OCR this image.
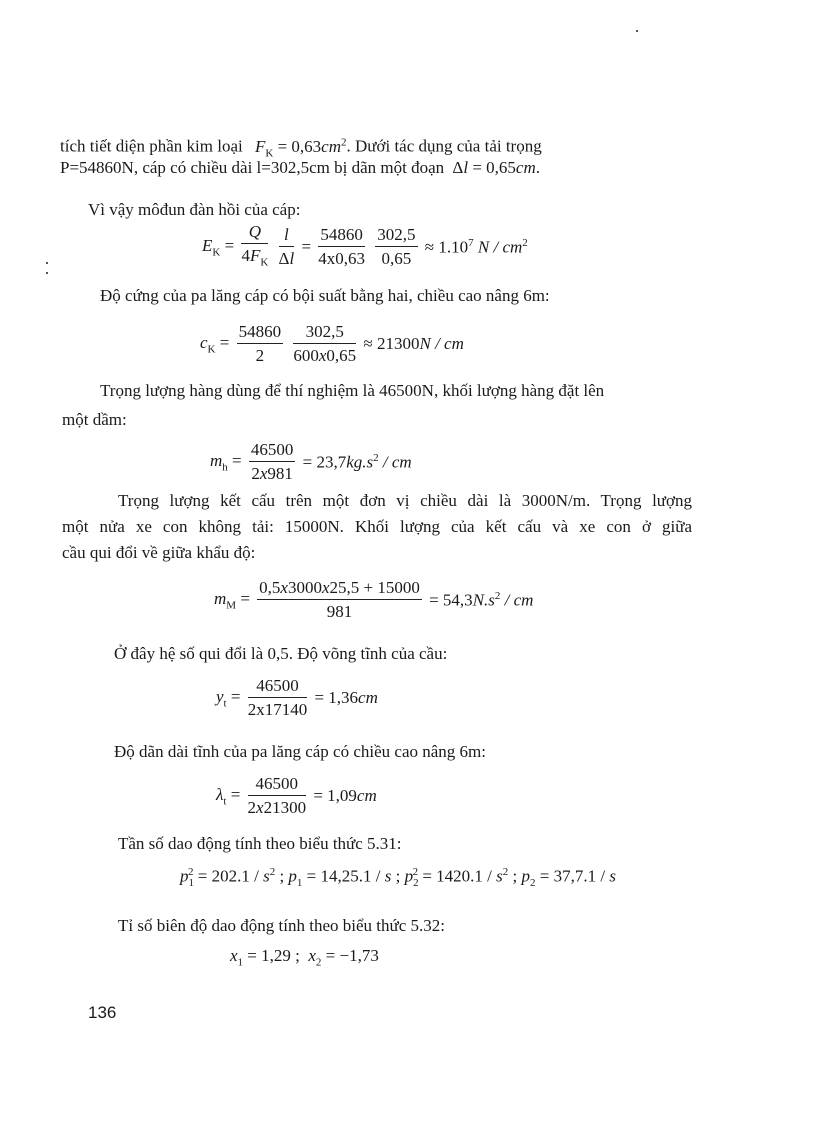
tích tiết diện phần kim loại $F_K = 0,63cm^2$. Dưới tác dụng của tải trọng
P=54860N, cáp có chiều dài l=302,5cm bị dãn một đoạn Δl = 0,65cm.
Vì vậy môđun đàn hồi của cáp:
$E_K = \frac{Q}{4F_K}$
$\frac{l}{\Delta l} = \frac{54860}{4x0,63}$
$\frac{302,5}{0,65} \approx 1.10^7$ N / $cm^2$
Độ cứng của pa lăng cáp có bội suất bằng hai, chiều cao nâng 6m:
$c_K = \frac{54860}{2}$
$\frac{302,5}{600x0,65} \approx 21300N$ / cm
Trọng lượng hàng dùng để thí nghiệm là 46500N, khối lượng hàng đặt lên
một dầm:
$m_h = \frac{46500}{2x981} = 23,7kg.s^2$ / cm
Trọng lượng kết cấu trên một đơn vị chiều dài là 3000N/m. Trọng lượng
một nửa xe con không tải: 15000N. Khối lượng của kết cấu và xe con ở giữa
cầu qui đổi về giữa khẩu độ:
$m_M = \frac{0,5x3000x25,5 + 15000}{981} = 54,3N.s^2$ / cm
Ở đây hệ số qui đổi là 0,5. Độ võng tĩnh của cầu:
$y_t = \frac{46500}{2x17140} = 1,36cm$
Độ dãn dài tĩnh của pa lăng cáp có chiều cao nâng 6m:
$\lambda_t = \frac{46500}{2x21300} = 1,09cm$
Tần số dao động tính theo biểu thức 5.31:
$p_1^2 = 202.1 / s^2$ ; $p_1 = 14,25.1 / s$ ; $p_2^2 = 1420.1 / s^2$ ; $p_2 = 37,7.1 / s$
Tỉ số biên độ dao động tính theo biểu thức 5.32:
$x_1 = 1,29$ ;  $x_2 = -1,73$
136
